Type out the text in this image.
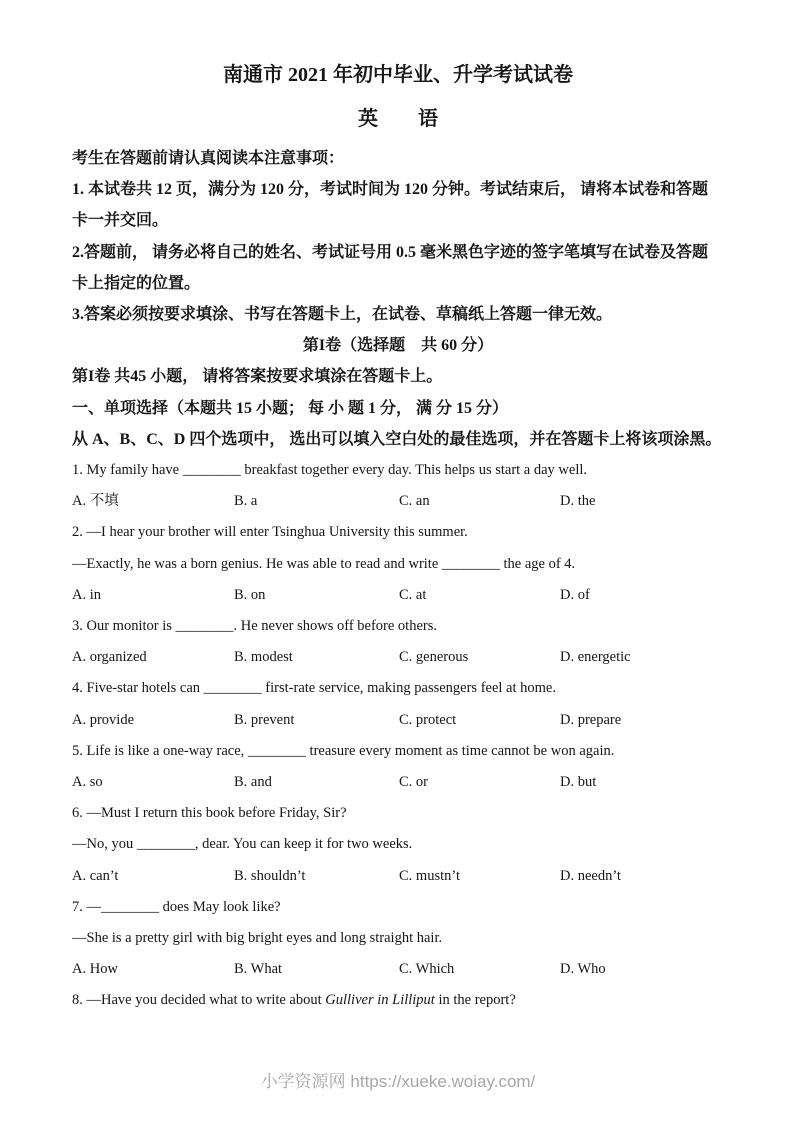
南通市 2021 年初中毕业、升学考试试卷
英　　语
考生在答题前请认真阅读本注意事项：
1. 本试卷共 12 页，满分为 120 分，考试时间为 120 分钟。考试结束后， 请将本试卷和答题
卡一并交回。
2.答题前， 请务必将自己的姓名、考试证号用 0.5 毫米黑色字迹的签字笔填写在试卷及答题
卡上指定的位置。
3.答案必须按要求填涂、书写在答题卡上，在试卷、草稿纸上答题一律无效。
第I卷（选择题　共 60 分）
第I卷 共45 小题， 请将答案按要求填涂在答题卡上。
一、单项选择（本题共 15 小题； 每 小 题 1 分， 满 分 15 分）
从 A、B、C、D 四个选项中， 选出可以填入空白处的最佳选项，并在答题卡上将该项涂黑。
1. My family have ________ breakfast together every day. This helps us start a day well.
A. 不填	B. a	C. an	D. the
2. —I hear your brother will enter Tsinghua University this summer.
—Exactly, he was a born genius. He was able to read and write ________ the age of 4.
A. in	B. on	C. at	D. of
3. Our monitor is ________. He never shows off before others.
A. organized	B. modest	C. generous	D. energetic
4. Five-star hotels can ________ first-rate service, making passengers feel at home.
A. provide	B. prevent	C. protect	D. prepare
5. Life is like a one-way race, ________ treasure every moment as time cannot be won again.
A. so	B. and	C. or	D. but
6. —Must I return this book before Friday, Sir?
—No, you ________, dear. You can keep it for two weeks.
A. can’t	B. shouldn’t	C. mustn’t	D. needn’t
7. —________ does May look like?
—She is a pretty girl with big bright eyes and long straight hair.
A. How	B. What	C. Which	D. Who
8. —Have you decided what to write about Gulliver in Lilliput in the report?
小学资源网 https://xueke.woiay.com/
